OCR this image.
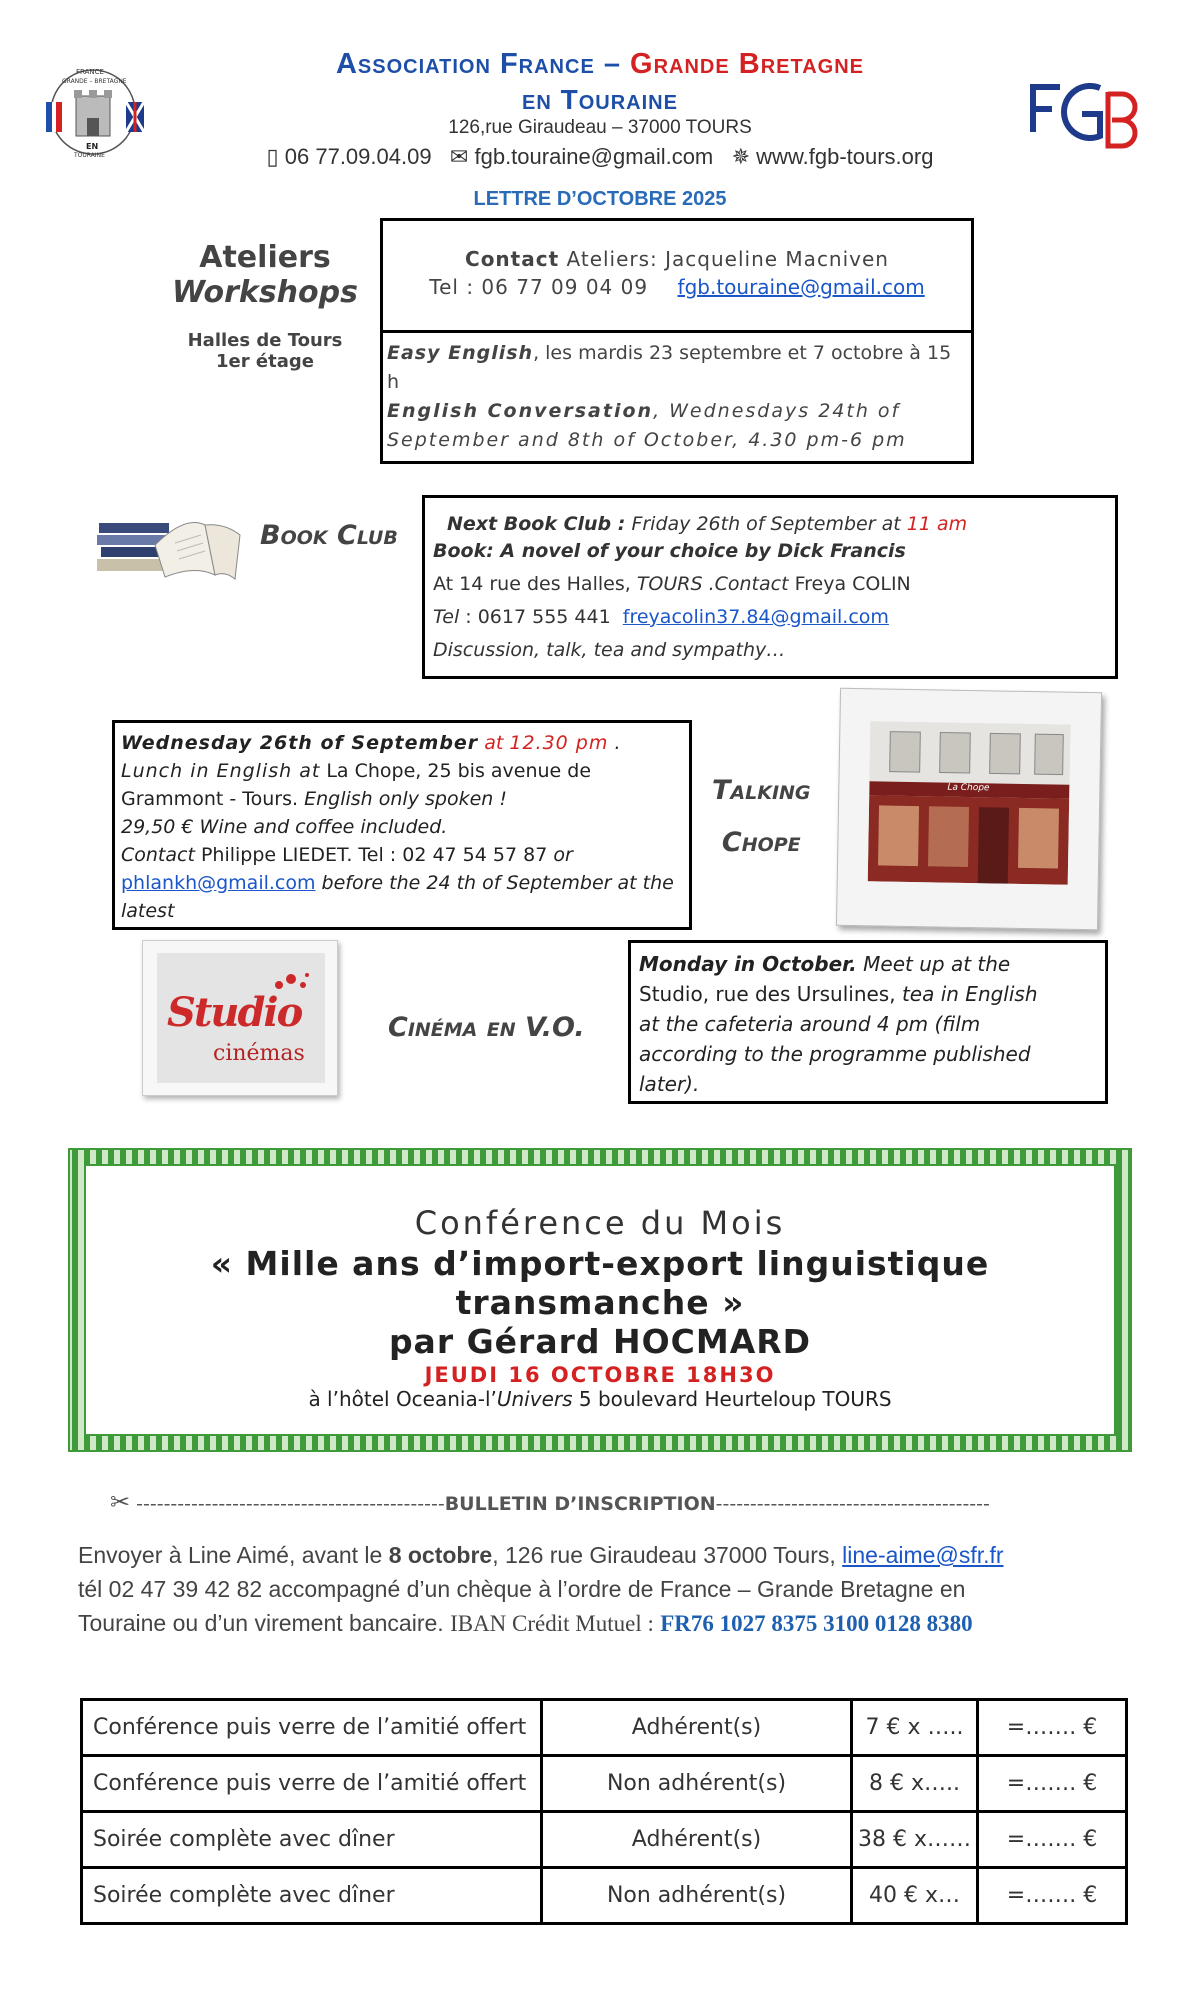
FRANCE
GRANDE – BRETAGNE
EN
TOURAINE
Association France – Grande Bretagne
en Touraine
126,rue Giraudeau – 37000 TOURS
▯ 06 77.09.04.09 ✉ fgb.touraine@gmail.com ✵ www.fgb-tours.org
LETTRE D’OCTOBRE 2025
Ateliers
Workshops
Halles de Tours
1er étage
Contact Ateliers: Jacqueline Macniven
Tel : 06 77 09 04 09 fgb.touraine@gmail.com
Easy English, les mardis 23 septembre et 7 octobre à 15 h
English Conversation, Wednesdays 24th of
September and 8th of October, 4.30 pm-6 pm
Book Club	Next Book Club : Friday 26th of September at 11 am
Book: A novel of your choice by Dick Francis
At 14 rue des Halles, TOURS .Contact Freya COLIN
Tel : 0617 555 441 freyacolin37.84@gmail.com
Discussion, talk, tea and sympathy…
Wednesday 26th of September at 12.30 pm .
Lunch in English at La Chope, 25 bis avenue de
Grammont - Tours. English only spoken !
29,50 € Wine and coffee included.
Contact Philippe LIEDET. Tel : 02 47 54 57 87 or
phlankh@gmail.com before the 24 th of September at the
latest
Talking
Chope
La Chope
Studio
cinémas
Cinéma en V.O.
Monday in October. Meet up at the
Studio, rue des Ursulines, tea in English
at the cafeteria around 4 pm (film
according to the programme published
later).
Conférence du Mois
« Mille ans d’import-export linguistique transmanche »
par Gérard HOCMARD
JEUDI 16 OCTOBRE 18H3O
à l’hôtel Oceania-l’Univers 5 boulevard Heurteloup TOURS
✂ ---------------------------------------------BULLETIN D’INSCRIPTION----------------------------------------
Envoyer à Line Aimé, avant le 8 octobre, 126 rue Giraudeau 37000 Tours, line-aime@sfr.fr
tél 02 47 39 42 82 accompagné d’un chèque à l’ordre de France – Grande Bretagne en
Touraine ou d’un virement bancaire. IBAN Crédit Mutuel : FR76 1027 8375 3100 0128 8380
Conférence puis verre de l’amitié offert	Adhérent(s)	7 € x …..	=……. €
Conférence puis verre de l’amitié offert	Non adhérent(s)	8 € x…..	=……. €
Soirée complète avec dîner	Adhérent(s)	38 € x……	=……. €
Soirée complète avec dîner	Non adhérent(s)	40 € x…	=……. €
